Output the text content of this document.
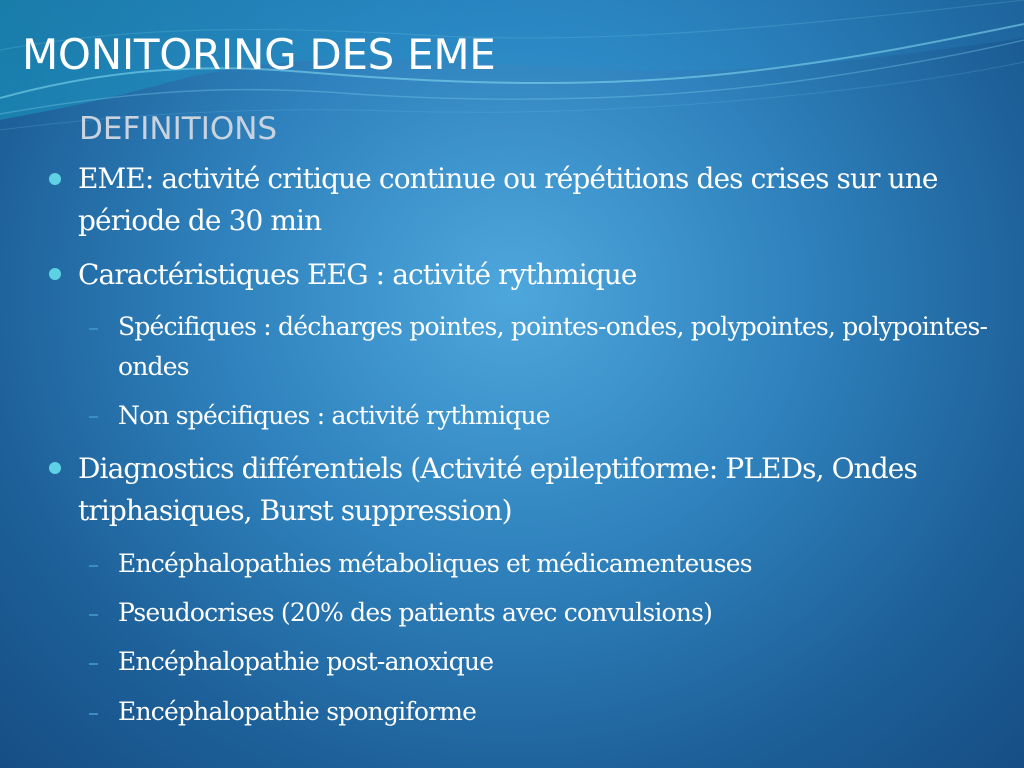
MONITORING DES EME
DEFINITIONS

EME: activité critique continue ou répétitions des crises sur une période de 30 min

Caractéristiques EEG : activité rythmique

Spécifiques : décharges pointes, pointes-ondes, polypointes, polypointes-ondes

Non spécifiques : activité rythmique

Diagnostics différentiels (Activité epileptiforme: PLEDs, Ondes triphasiques, Burst suppression)

Encéphalopathies métaboliques et médicamenteuses

Pseudocrises (20% des patients avec convulsions)

Encéphalopathie post-anoxique

Encéphalopathie spongiforme
